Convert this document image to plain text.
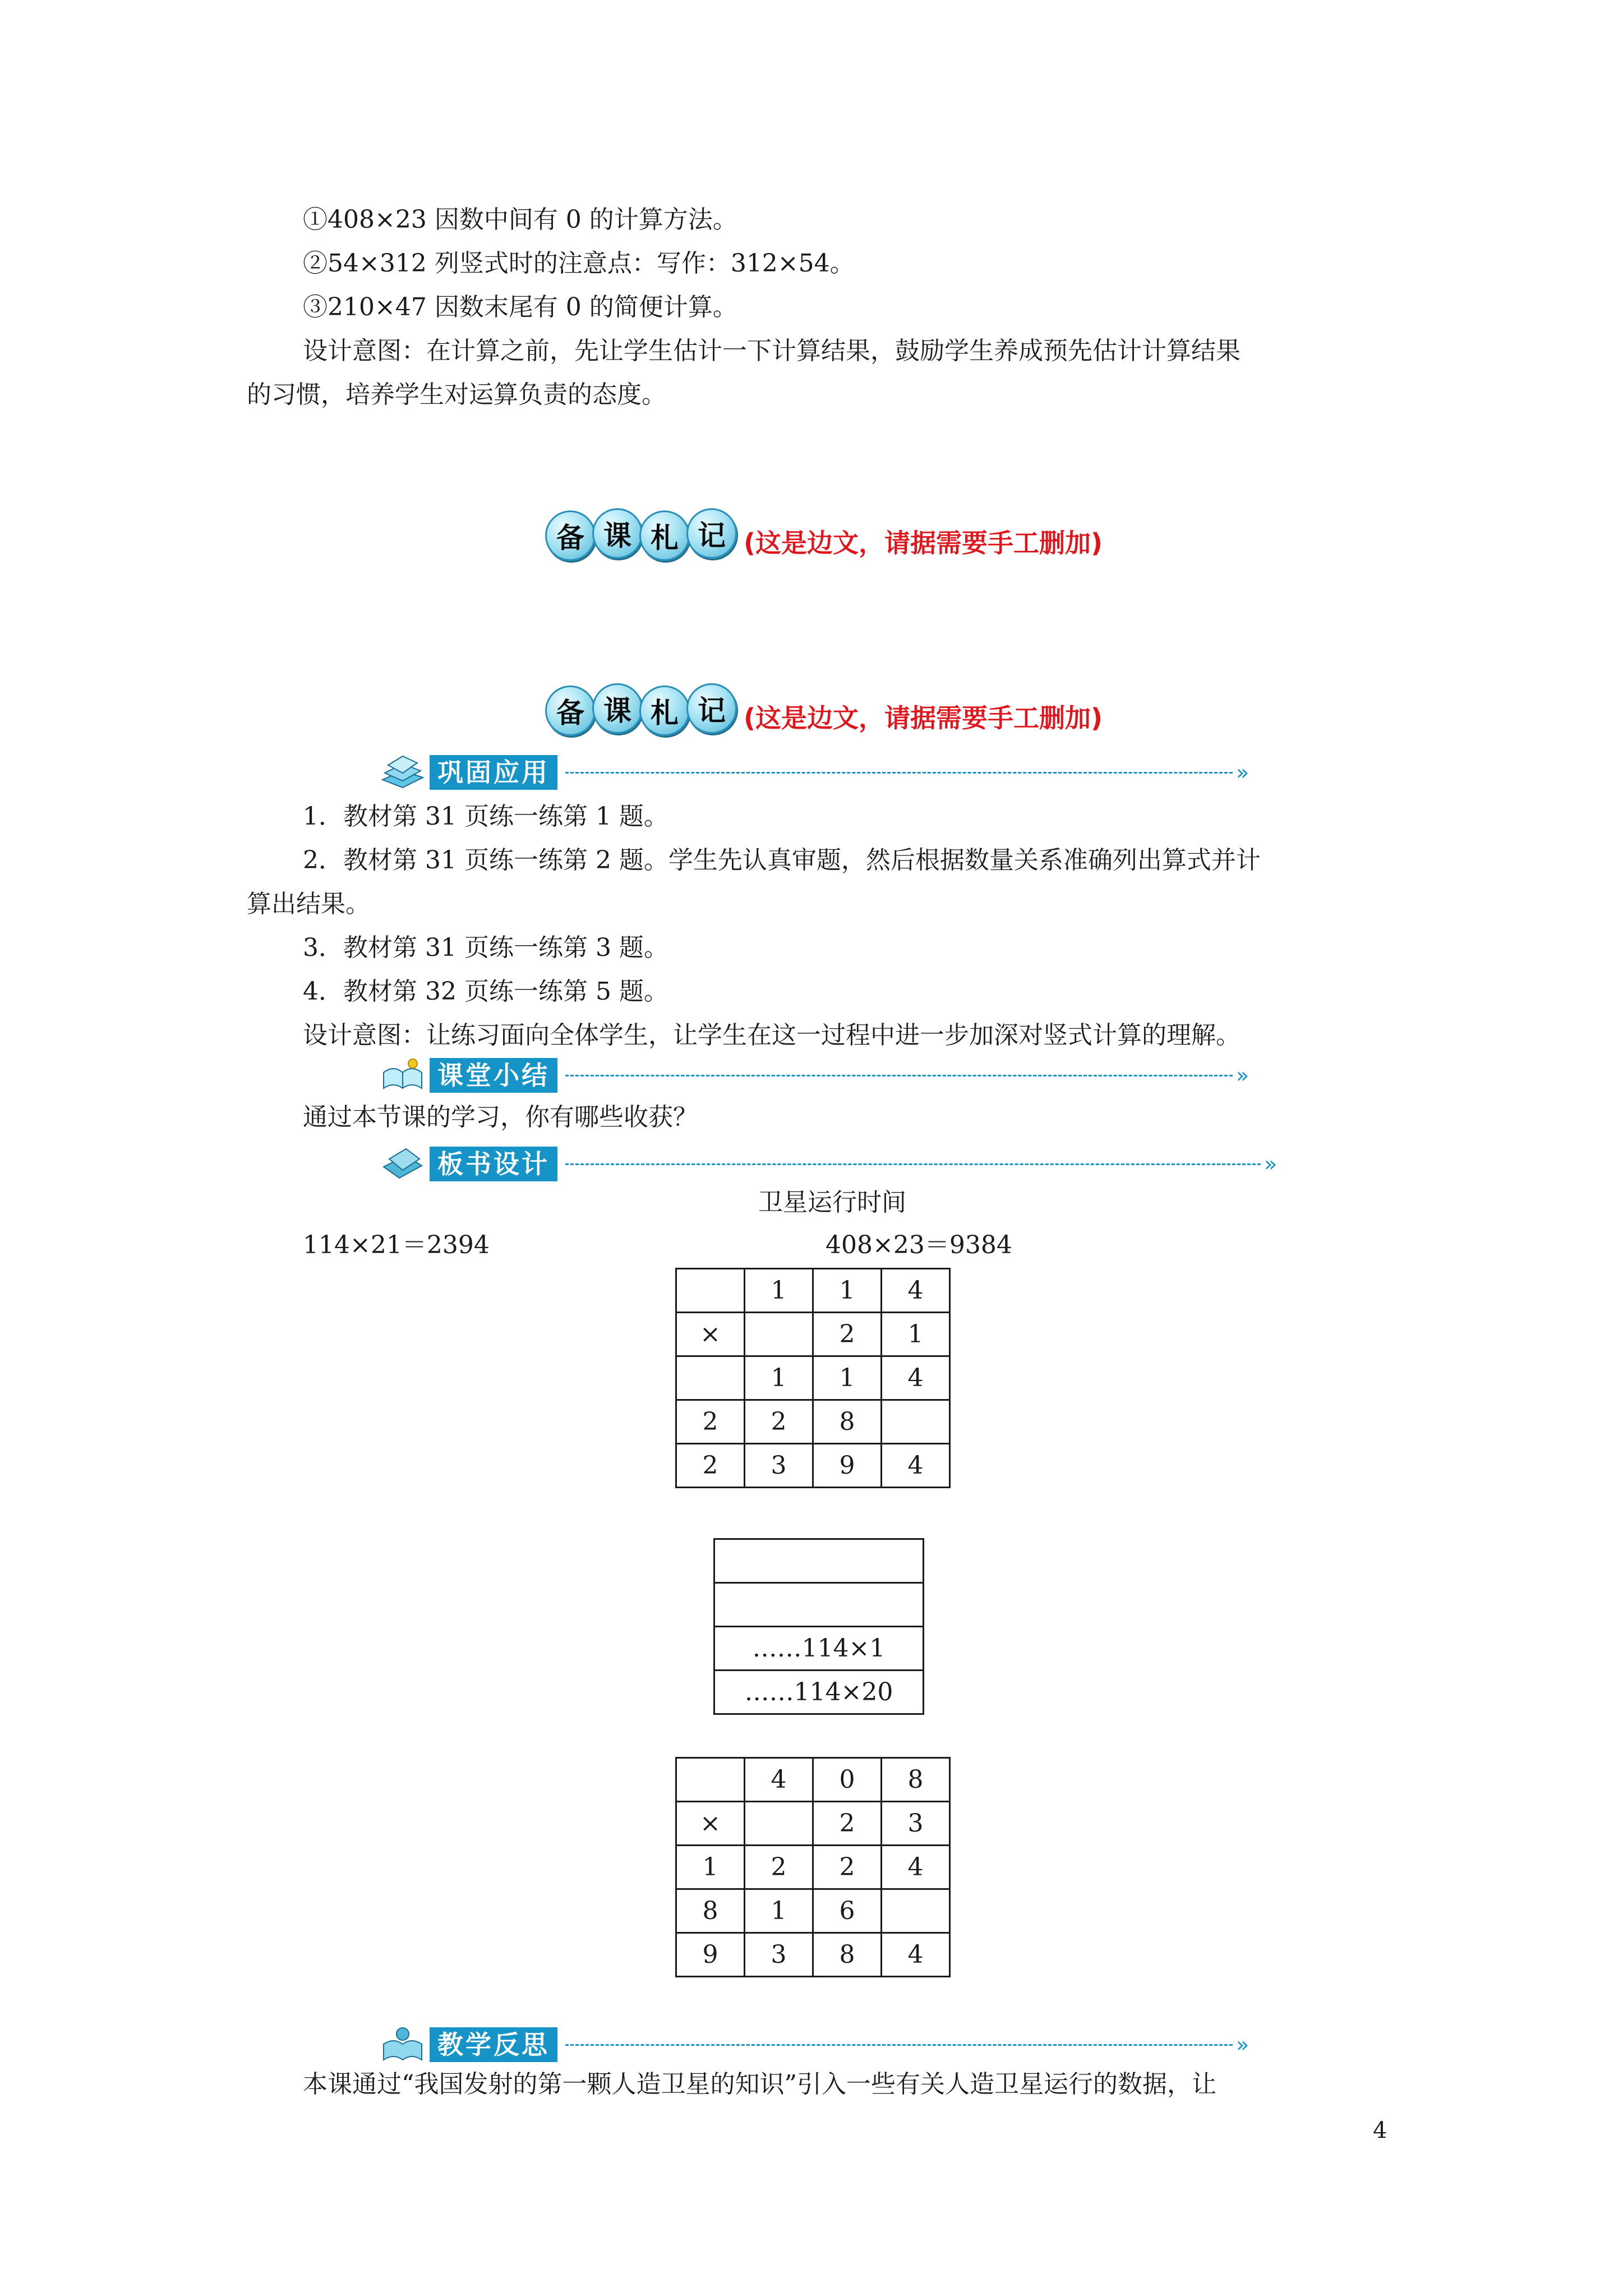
①408×23 因数中间有 0 的计算方法。
②54×312 列竖式时的注意点：写作：312×54。
③210×47 因数末尾有 0 的简便计算。
设计意图：在计算之前，先让学生估计一下计算结果，鼓励学生养成预先估计计算结果
的习惯，培养学生对运算负责的态度。
备 课 札 记 (这是边文，请据需要手工删加)
备 课 札 记 (这是边文，请据需要手工删加)
巩固应用	»
1．教材第 31 页练一练第 1 题。
2．教材第 31 页练一练第 2 题。学生先认真审题，然后根据数量关系准确列出算式并计
算出结果。
3．教材第 31 页练一练第 3 题。
4．教材第 32 页练一练第 5 题。
设计意图：让练习面向全体学生，让学生在这一过程中进一步加深对竖式计算的理解。
课堂小结	»
通过本节课的学习，你有哪些收获？
板书设计	»
卫星运行时间
114×21＝2394	408×23＝9384
	1	1	4
×		2	1
	1	1	4
2	2	8	
2	3	9	4

……114×1
……114×20
	4	0	8
×		2	3
1	2	2	4
8	1	6	
9	3	8	4
教学反思	»
本课通过“我国发射的第一颗人造卫星的知识”引入一些有关人造卫星运行的数据，让
4
